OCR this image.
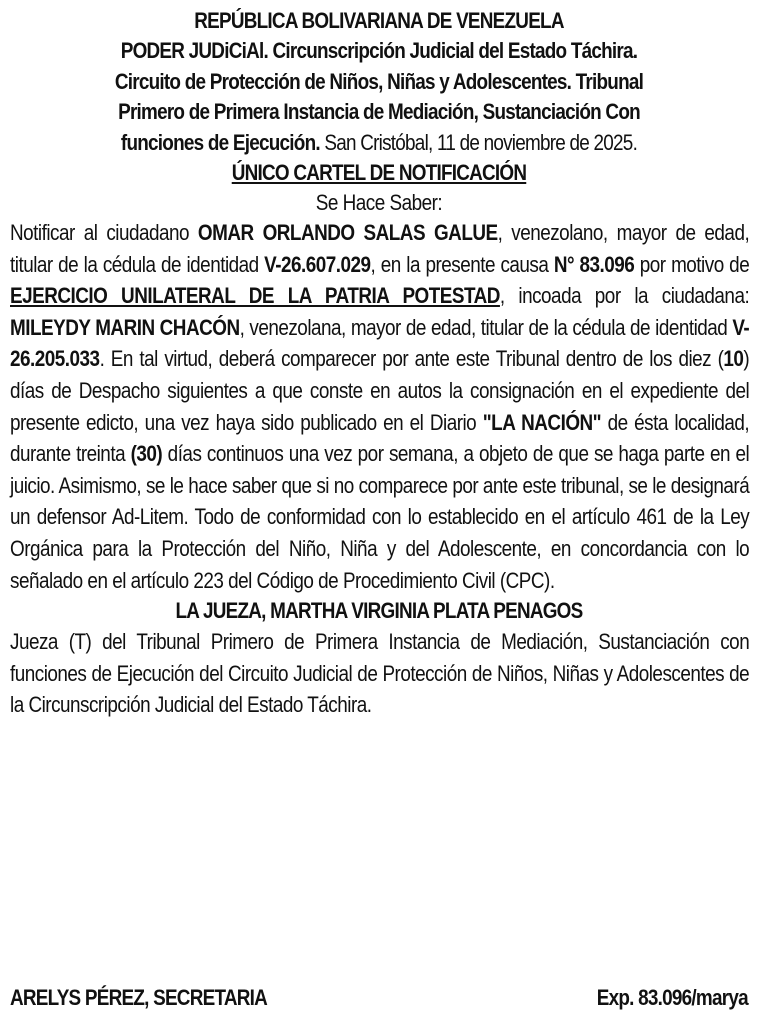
REPÚBLICA BOLIVARIANA DE VENEZUELA
PODER JUDiCiAl. Circunscripción Judicial del Estado Táchira.
Circuito de Protección de Niños, Niñas y Adolescentes. Tribunal
Primero de Primera Instancia de Mediación, Sustanciación Con
funciones de Ejecución. San Cristóbal, 11 de noviembre de 2025.
ÚNICO CARTEL DE NOTIFICACIÓN
Se Hace Saber:
Notificar al ciudadano OMAR ORLANDO SALAS GALUE, venezolano, mayor de edad, titular de la cédula de identidad V-26.607.029, en la presente causa N° 83.096 por motivo de EJERCICIO UNILATERAL DE LA PATRIA POTESTAD, incoada por la ciudadana: MILEYDY MARIN CHACÓN, venezolana, mayor de edad, titular de la cédula de identidad V-26.205.033. En tal virtud, deberá comparecer por ante este Tribunal dentro de los diez (10) días de Despacho siguientes a que conste en autos la consignación en el expediente del presente edicto, una vez haya sido publicado en el Diario "LA NACIÓN" de ésta localidad, durante treinta (30) días continuos una vez por semana, a objeto de que se haga parte en el juicio. Asimismo, se le hace saber que si no comparece por ante este tribunal, se le designará un defensor Ad-Litem. Todo de conformidad con lo establecido en el artículo 461 de la Ley Orgánica para la Protección del Niño, Niña y del Adolescente, en concordancia con lo señalado en el artículo 223 del Código de Procedimiento Civil (CPC).
LA JUEZA, MARTHA VIRGINIA PLATA PENAGOS
Jueza (T) del Tribunal Primero de Primera Instancia de Mediación, Sustanciación con funciones de Ejecución del Circuito Judicial de Protección de Niños, Niñas y Adolescentes de la Circunscripción Judicial del Estado Táchira.
ARELYS PÉREZ, SECRETARIA	Exp. 83.096/marya
